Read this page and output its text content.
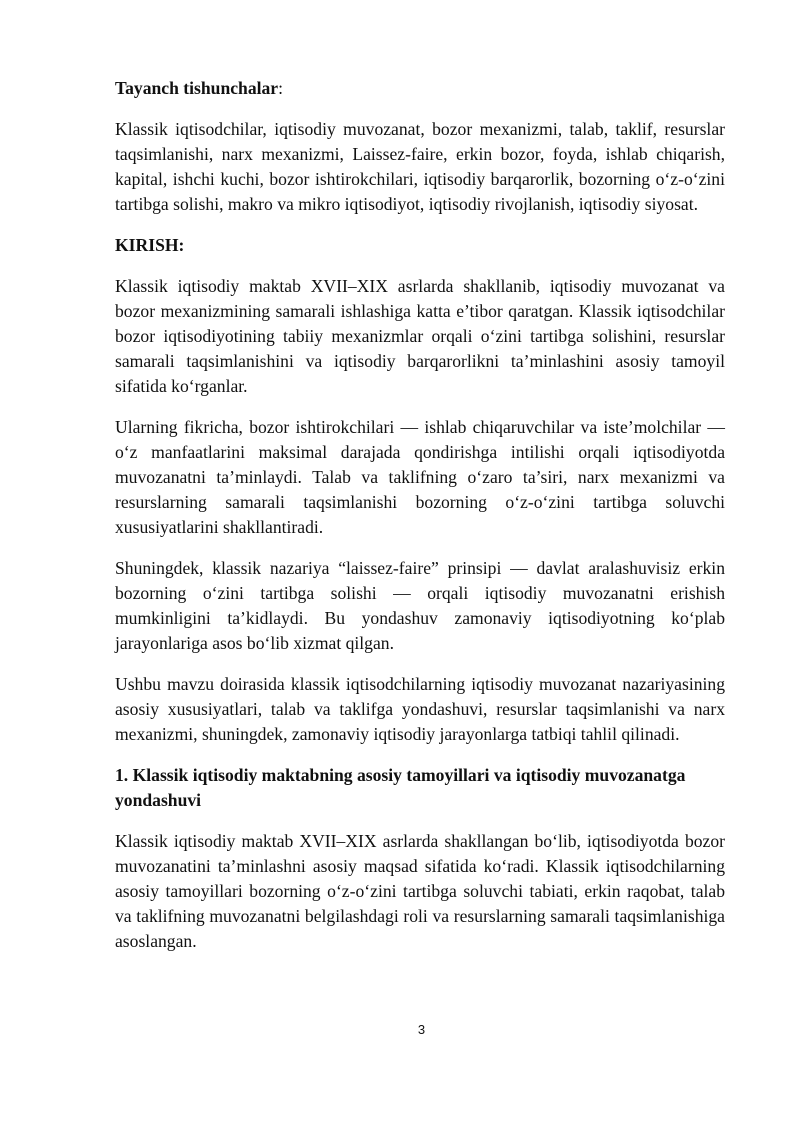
Tayanch tishunchalar:

Klassik iqtisodchilar, iqtisodiy muvozanat, bozor mexanizmi, talab, taklif, resurslar taqsimlanishi, narx mexanizmi, Laissez-faire, erkin bozor, foyda, ishlab chiqarish, kapital, ishchi kuchi, bozor ishtirokchilari, iqtisodiy barqarorlik, bozorning o‘z-o‘zini tartibga solishi, makro va mikro iqtisodiyot, iqtisodiy rivojlanish, iqtisodiy siyosat.

KIRISH:

Klassik iqtisodiy maktab XVII–XIX asrlarda shakllanib, iqtisodiy muvozanat va bozor mexanizmining samarali ishlashiga katta e’tibor qaratgan. Klassik iqtisodchilar bozor iqtisodiyotining tabiiy mexanizmlar orqali o‘zini tartibga solishini, resurslar samarali taqsimlanishini va iqtisodiy barqarorlikni ta’minlashini asosiy tamoyil sifatida ko‘rganlar.

Ularning fikricha, bozor ishtirokchilari — ishlab chiqaruvchilar va iste’molchilar — o‘z manfaatlarini maksimal darajada qondirishga intilishi orqali iqtisodiyotda muvozanatni ta’minlaydi. Talab va taklifning o‘zaro ta’siri, narx mexanizmi va resurslarning samarali taqsimlanishi bozorning o‘z-o‘zini tartibga soluvchi xususiyatlarini shakllantiradi.

Shuningdek, klassik nazariya “laissez-faire” prinsipi — davlat aralashuvisiz erkin bozorning o‘zini tartibga solishi — orqali iqtisodiy muvozanatni erishish mumkinligini ta’kidlaydi. Bu yondashuv zamonaviy iqtisodiyotning ko‘plab jarayonlariga asos bo‘lib xizmat qilgan.

Ushbu mavzu doirasida klassik iqtisodchilarning iqtisodiy muvozanat nazariyasining asosiy xususiyatlari, talab va taklifga yondashuvi, resurslar taqsimlanishi va narx mexanizmi, shuningdek, zamonaviy iqtisodiy jarayonlarga tatbiqi tahlil qilinadi.

1. Klassik iqtisodiy maktabning asosiy tamoyillari va iqtisodiy muvozanatga yondashuvi

Klassik iqtisodiy maktab XVII–XIX asrlarda shakllangan bo‘lib, iqtisodiyotda bozor muvozanatini ta’minlashni asosiy maqsad sifatida ko‘radi. Klassik iqtisodchilarning asosiy tamoyillari bozorning o‘z-o‘zini tartibga soluvchi tabiati, erkin raqobat, talab va taklifning muvozanatni belgilashdagi roli va resurslarning samarali taqsimlanishiga asoslangan.

3
